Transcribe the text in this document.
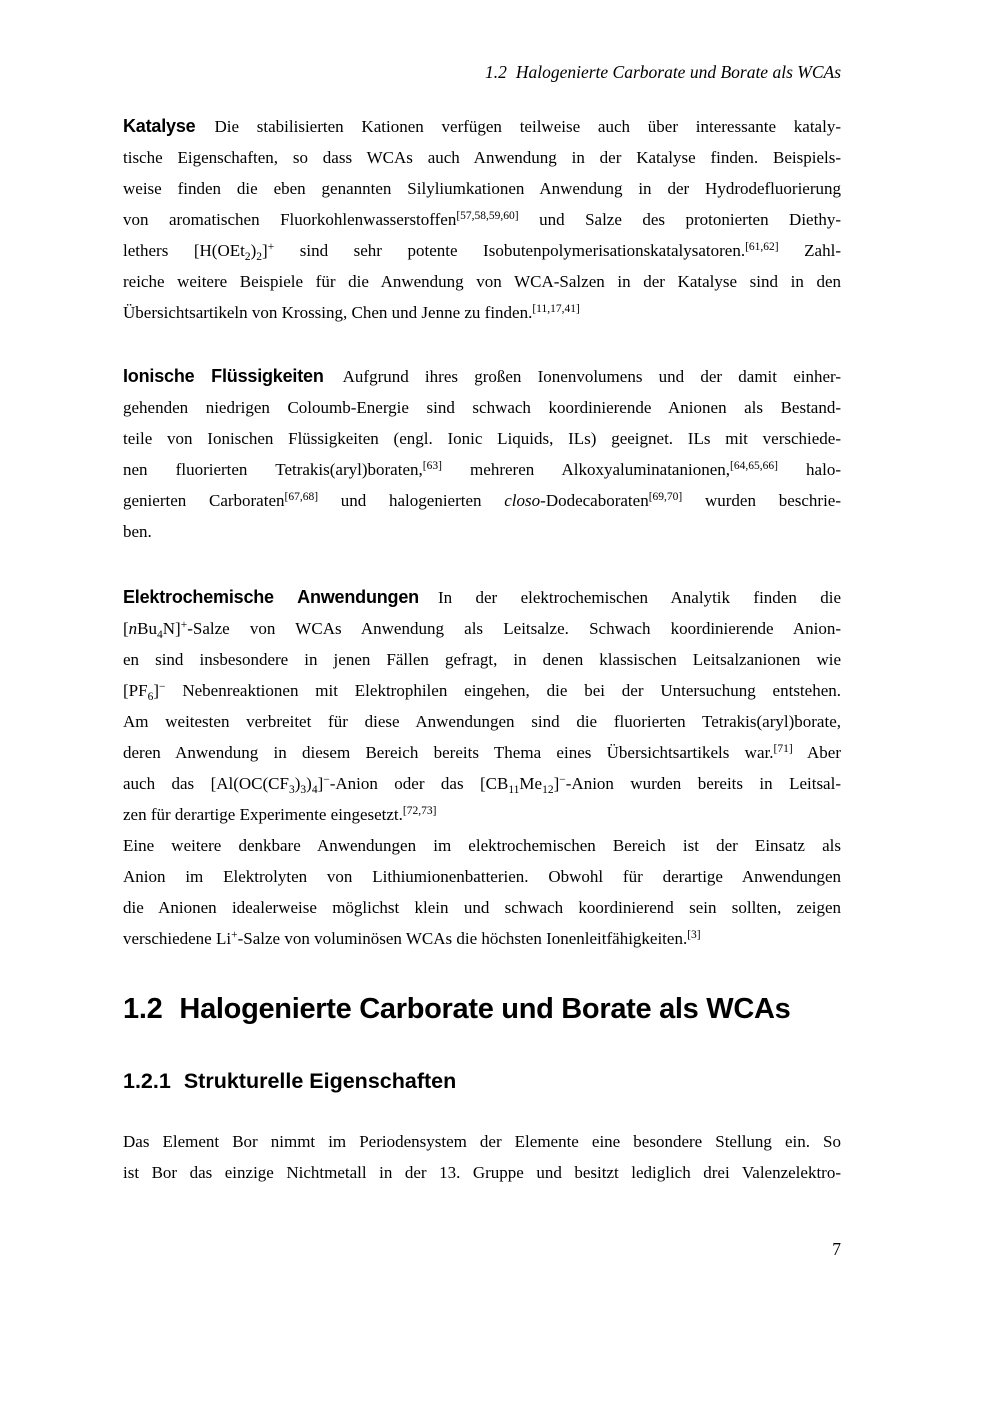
1.2 Halogenierte Carborate und Borate als WCAs
Katalyse Die stabilisierten Kationen verfügen teilweise auch über interessante kataly-
tische Eigenschaften, so dass WCAs auch Anwendung in der Katalyse finden. Beispiels-
weise finden die eben genannten Silyliumkationen Anwendung in der Hydrodefluorierung
von aromatischen Fluorkohlenwasserstoffen[57,58,59,60] und Salze des protonierten Diethy-
lethers $[H(OEt_2)_2]^+$ sind sehr potente Isobutenpolymerisationskatalysatoren.[61,62] Zahl-
reiche weitere Beispiele für die Anwendung von WCA-Salzen in der Katalyse sind in den
Übersichtsartikeln von Krossing, Chen und Jenne zu finden.[11,17,41]
Ionische Flüssigkeiten Aufgrund ihres großen Ionenvolumens und der damit einher-
gehenden niedrigen Coloumb-Energie sind schwach koordinierende Anionen als Bestand-
teile von Ionischen Flüssigkeiten (engl. Ionic Liquids, ILs) geeignet. ILs mit verschiede-
nen fluorierten Tetrakis(aryl)boraten,[63] mehreren Alkoxyaluminatanionen,[64,65,66] halo-
genierten Carboraten[67,68] und halogenierten closo-Dodecaboraten[69,70] wurden beschrie-
ben.
Elektrochemische Anwendungen In der elektrochemischen Analytik finden die
[nBu$_4$N]+-Salze von WCAs Anwendung als Leitsalze. Schwach koordinierende Anion-
en sind insbesondere in jenen Fällen gefragt, in denen klassischen Leitsalzanionen wie
$[PF_6]^-$ Nebenreaktionen mit Elektrophilen eingehen, die bei der Untersuchung entstehen.
Am weitesten verbreitet für diese Anwendungen sind die fluorierten Tetrakis(aryl)borate,
deren Anwendung in diesem Bereich bereits Thema eines Übersichtsartikels war.[71] Aber
auch das $[Al(OC(CF_3)_3)_4]^-$-Anion oder das $[CB_{11}Me_{12}]^-$-Anion wurden bereits in Leitsal-
zen für derartige Experimente eingesetzt.[72,73]
Eine weitere denkbare Anwendungen im elektrochemischen Bereich ist der Einsatz als
Anion im Elektrolyten von Lithiumionenbatterien. Obwohl für derartige Anwendungen
die Anionen idealerweise möglichst klein und schwach koordinierend sein sollten, zeigen
verschiedene Li+-Salze von voluminösen WCAs die höchsten Ionenleitfähigkeiten.[3]
1.2 Halogenierte Carborate und Borate als WCAs
1.2.1 Strukturelle Eigenschaften
Das Element Bor nimmt im Periodensystem der Elemente eine besondere Stellung ein. So
ist Bor das einzige Nichtmetall in der 13. Gruppe und besitzt lediglich drei Valenzelektro-
7
